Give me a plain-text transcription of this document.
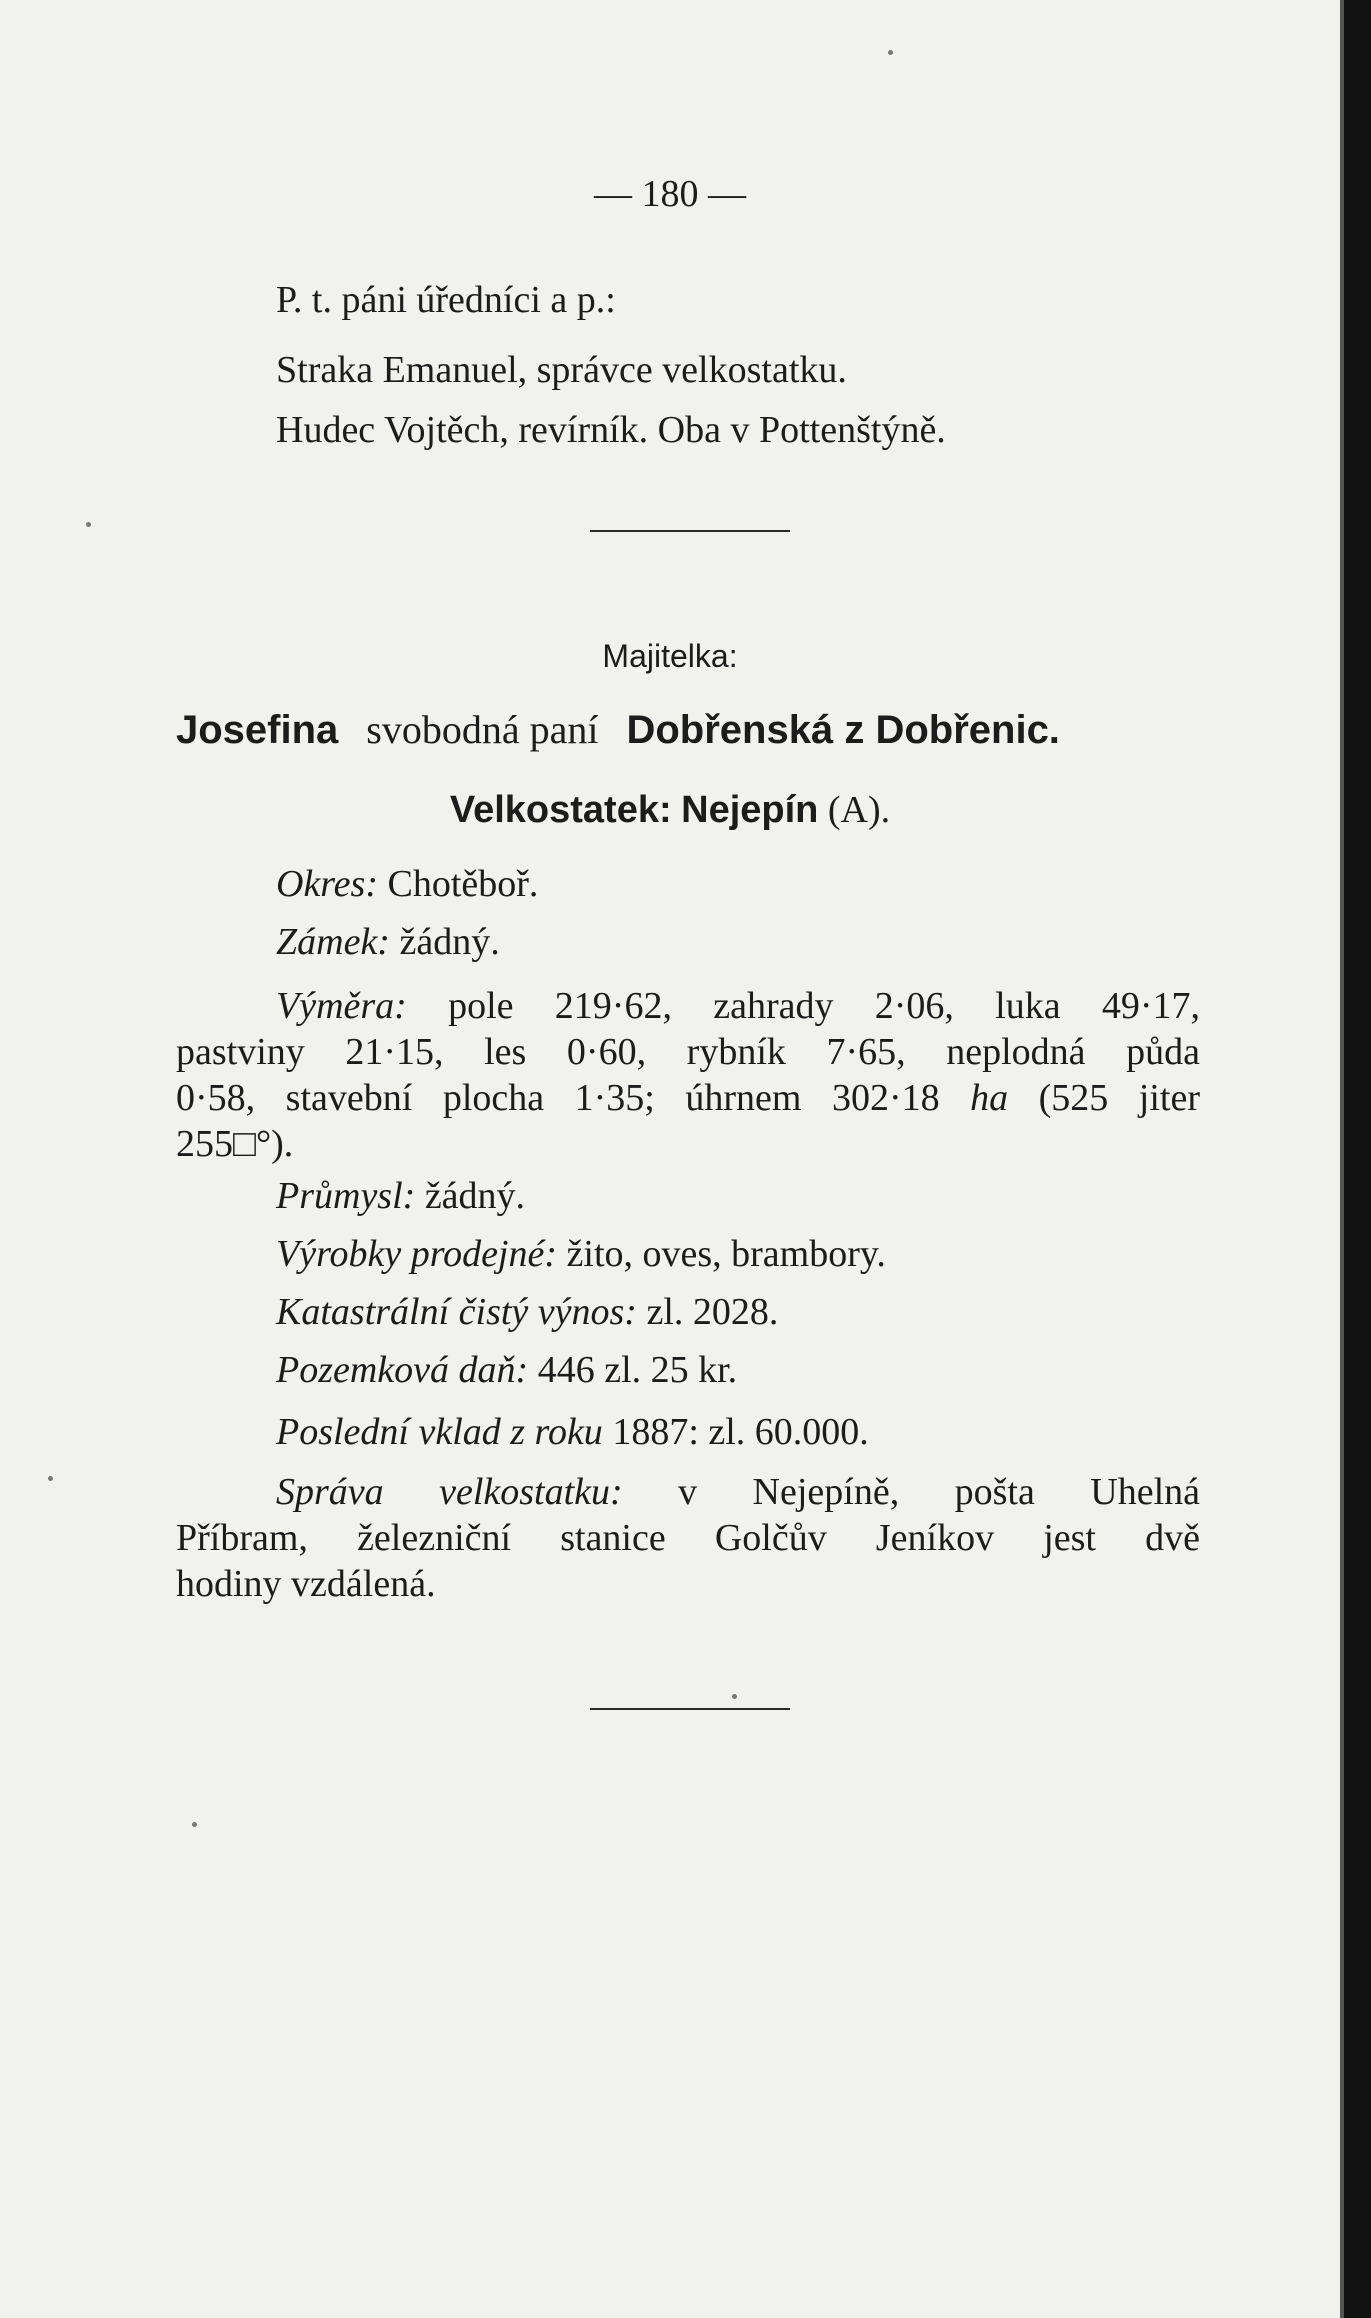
— 180 —
P. t. páni úředníci a p.:
Straka Emanuel, správce velkostatku.
Hudec Vojtěch, revírník. Oba v Pottenštýně.
Majitelka:
Josefina svobodná paní Dobřenská z Dobřenic.
Velkostatek: Nejepín (A).
Okres: Chotěboř.
Zámek: žádný.
Výměra: pole 219·62, zahrady 2·06, luka 49·17,
pastviny 21·15, les 0·60, rybník 7·65, neplodná půda
0·58, stavební plocha 1·35; úhrnem 302·18 ha (525 jiter
255□°).
Průmysl: žádný.
Výrobky prodejné: žito, oves, brambory.
Katastrální čistý výnos: zl. 2028.
Pozemková daň: 446 zl. 25 kr.
Poslední vklad z roku 1887: zl. 60.000.
Správa velkostatku: v Nejepíně, pošta Uhelná
Příbram, železniční stanice Golčův Jeníkov jest dvě
hodiny vzdálená.
